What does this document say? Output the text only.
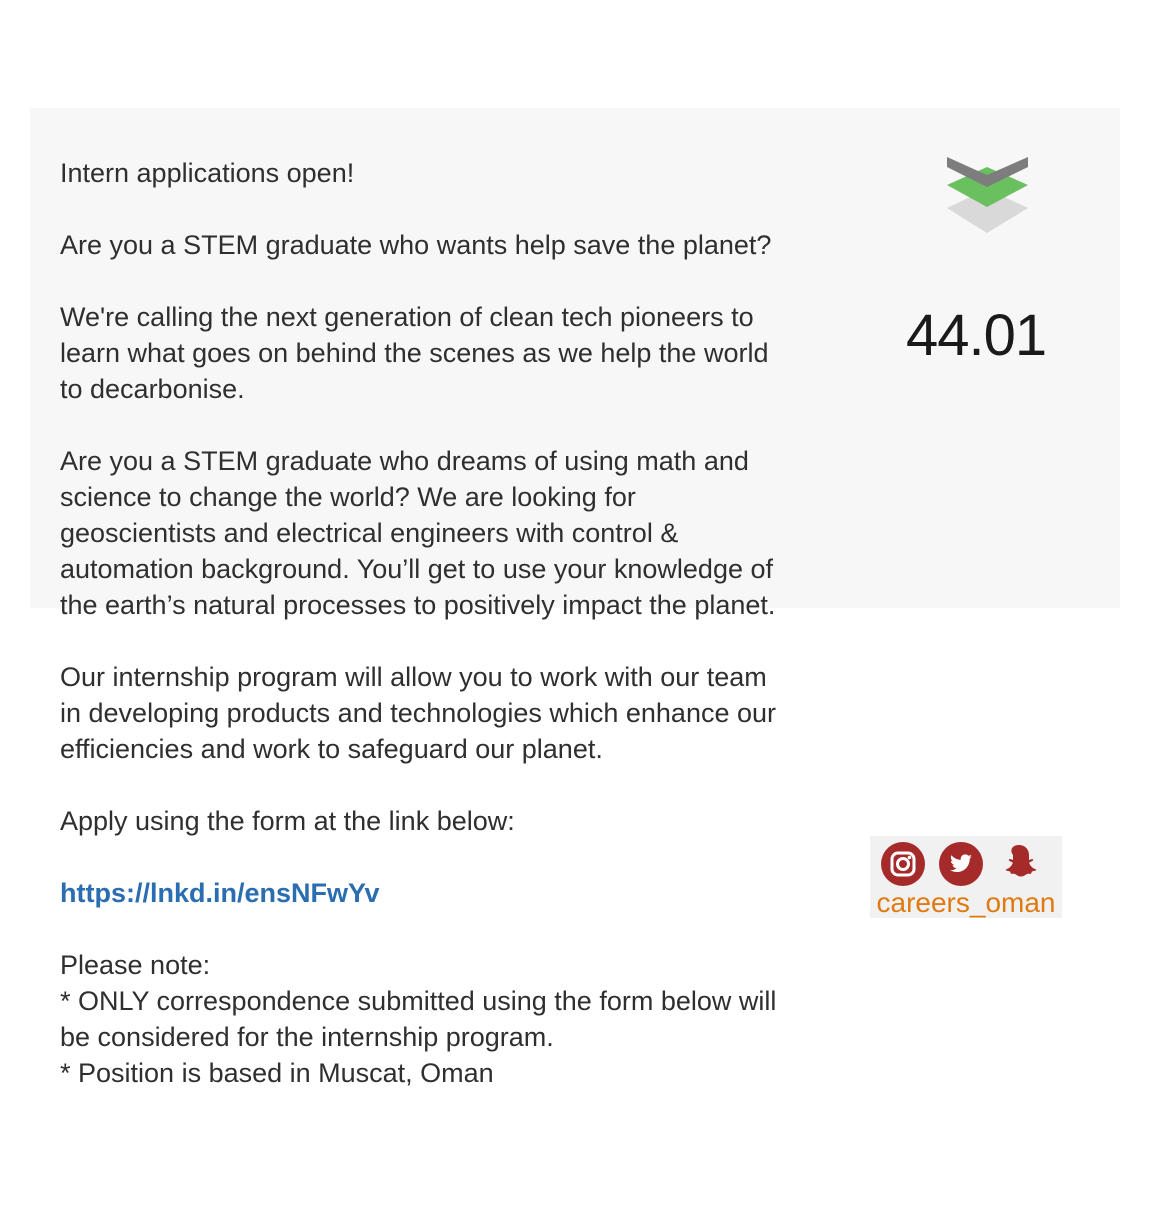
Intern applications open!

Are you a STEM graduate who wants help save the planet?

We're calling the next generation of clean tech pioneers to
learn what goes on behind the scenes as we help the world
to decarbonise.

Are you a STEM graduate who dreams of using math and
science to change the world? We are looking for
geoscientists and electrical engineers with control &
automation background. You’ll get to use your knowledge of
the earth’s natural processes to positively impact the planet.

Our internship program will allow you to work with our team
in developing products and technologies which enhance our
efficiencies and work to safeguard our planet.

Apply using the form at the link below:

https://lnkd.in/ensNFwYv

Please note:
* ONLY correspondence submitted using the form below will
be considered for the internship program.
* Position is based in Muscat, Oman

44.01
careers_oman
